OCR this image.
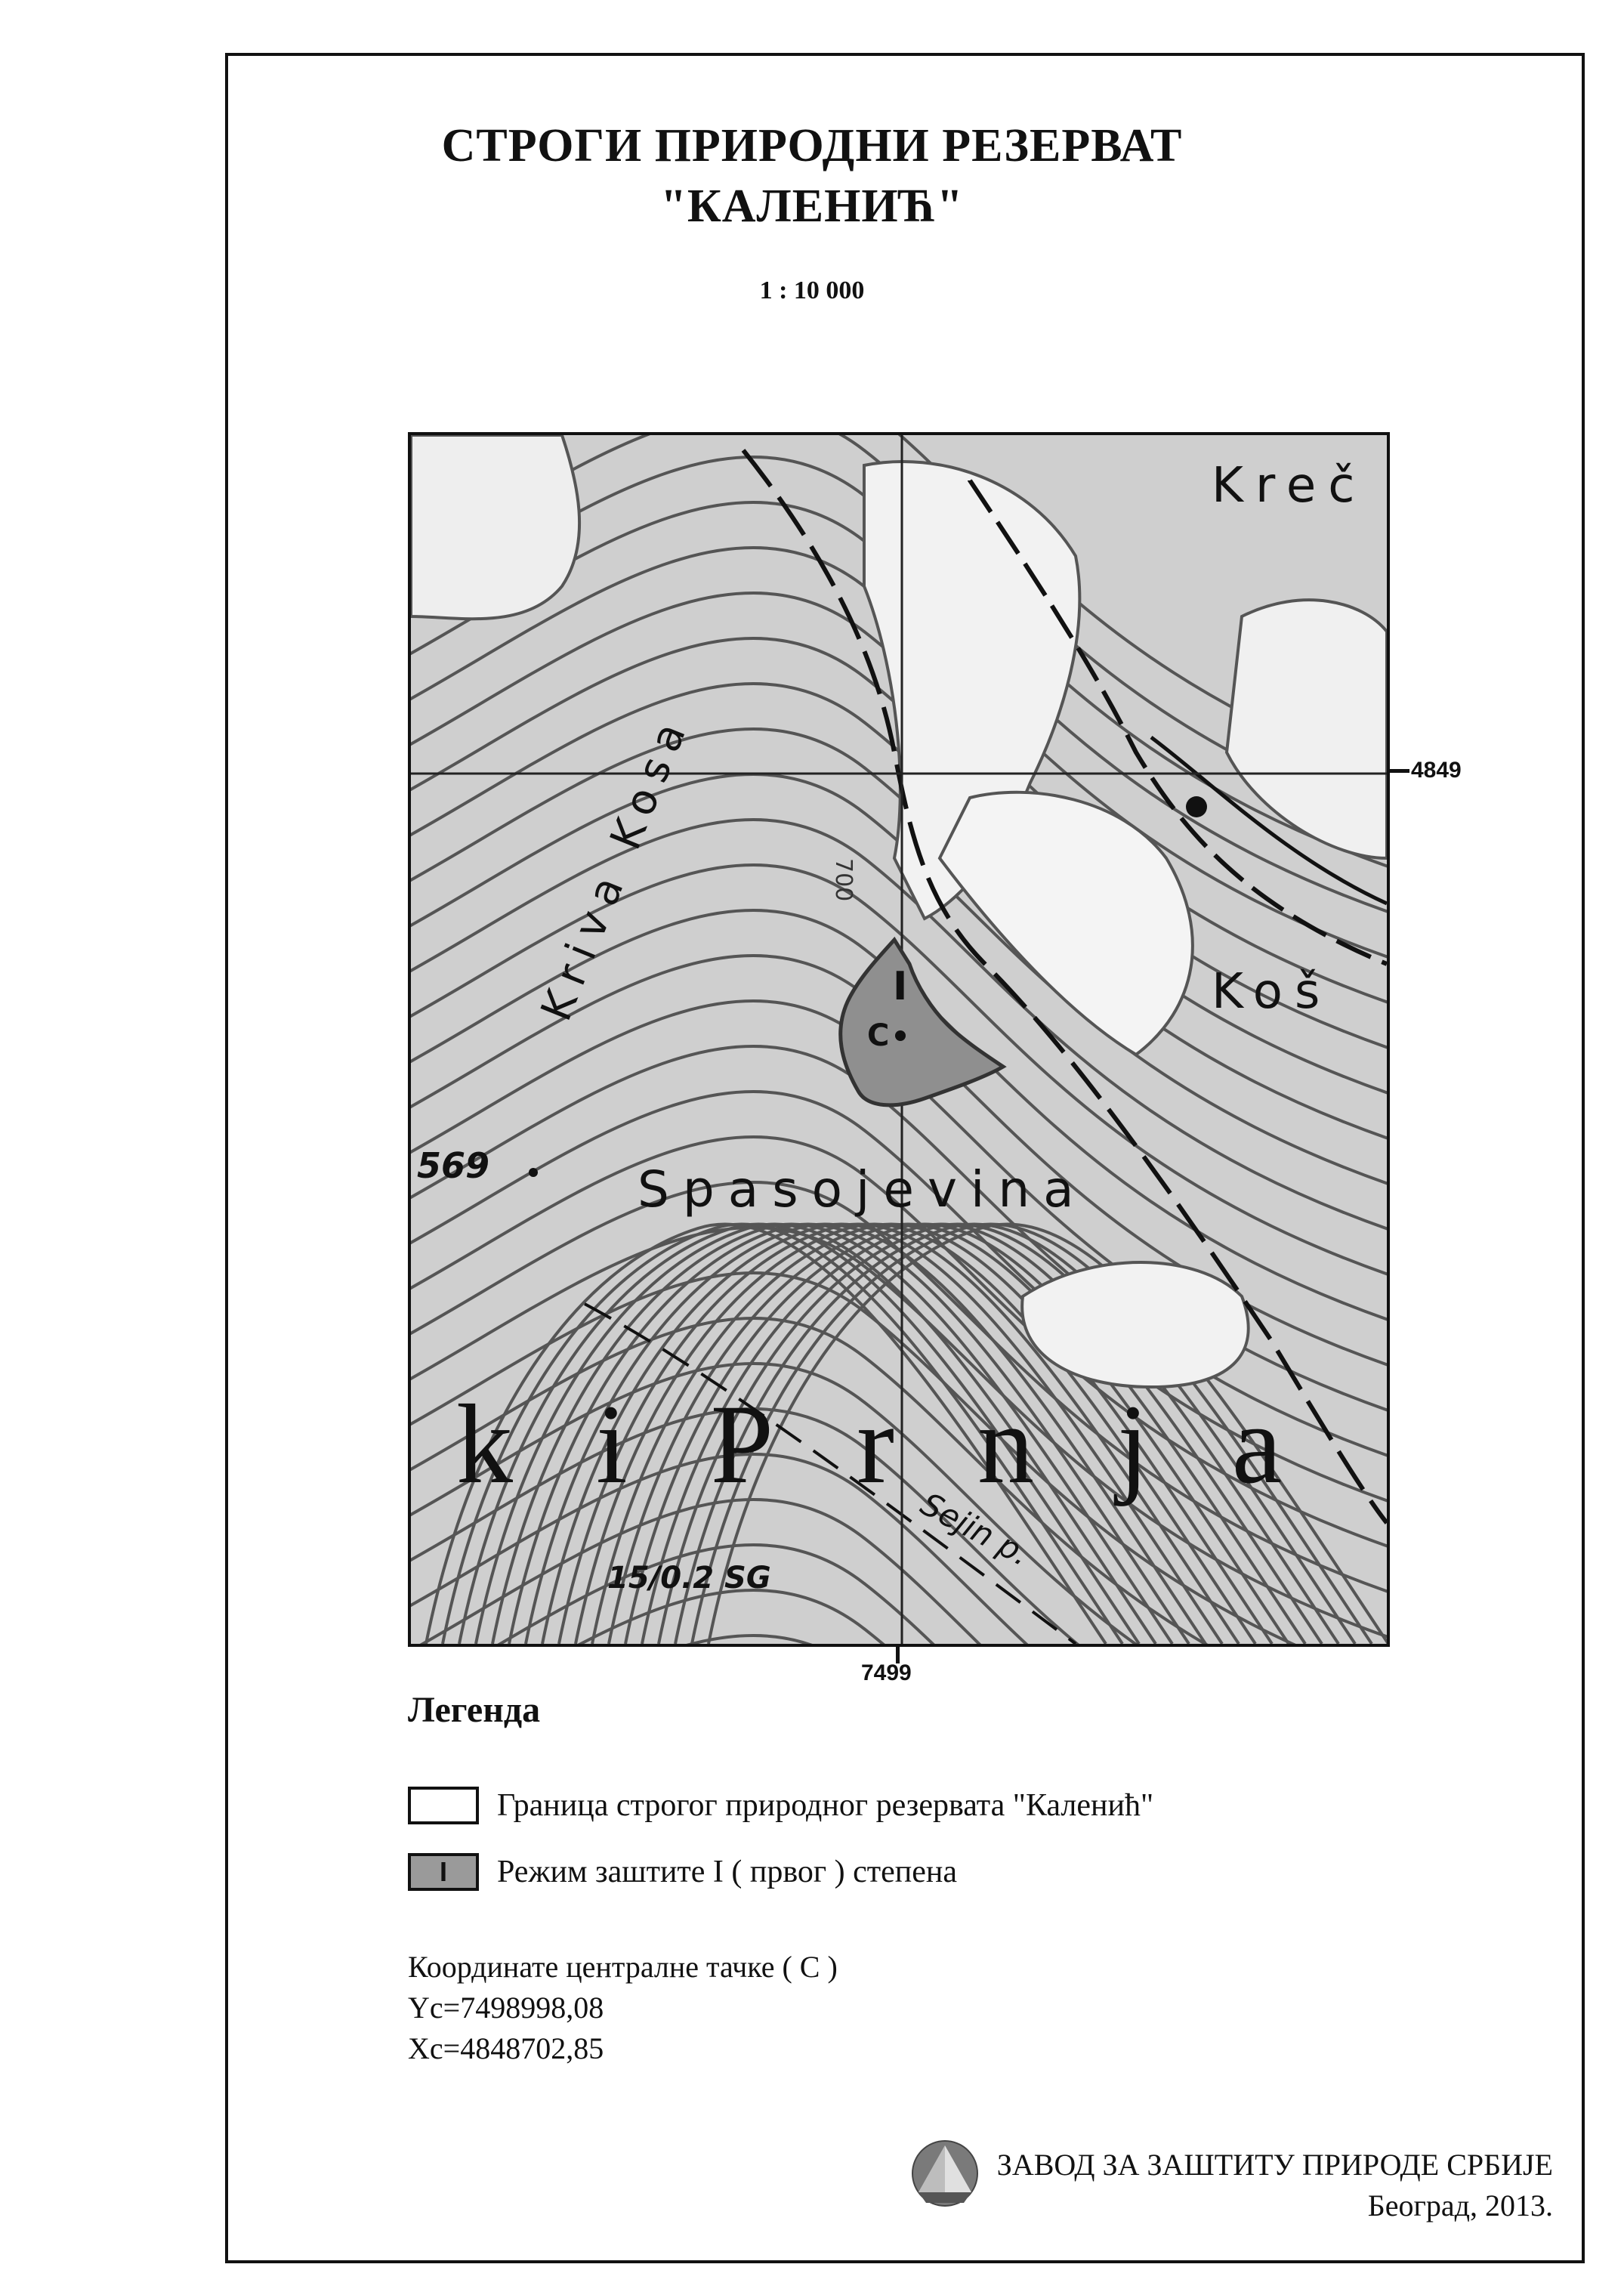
СТРОГИ ПРИРОДНИ РЕЗЕРВАТ
"КАЛЕНИЋ"
1 : 10 000
Kreč
Kriva Kosa	Koš
700
569	Spasojevina
kiPrnja
Sejin p.
15/0.2 SG
I
C
4849
7499
Легенда
Граница строгог природног резервата "Каленић"
I	Режим заштите I ( првог ) степена
Координате централне тачке ( С )
Yc=7498998,08
Xc=4848702,85
ЗАВОД ЗА ЗАШТИТУ ПРИРОДЕ СРБИЈЕ
Београд, 2013.
